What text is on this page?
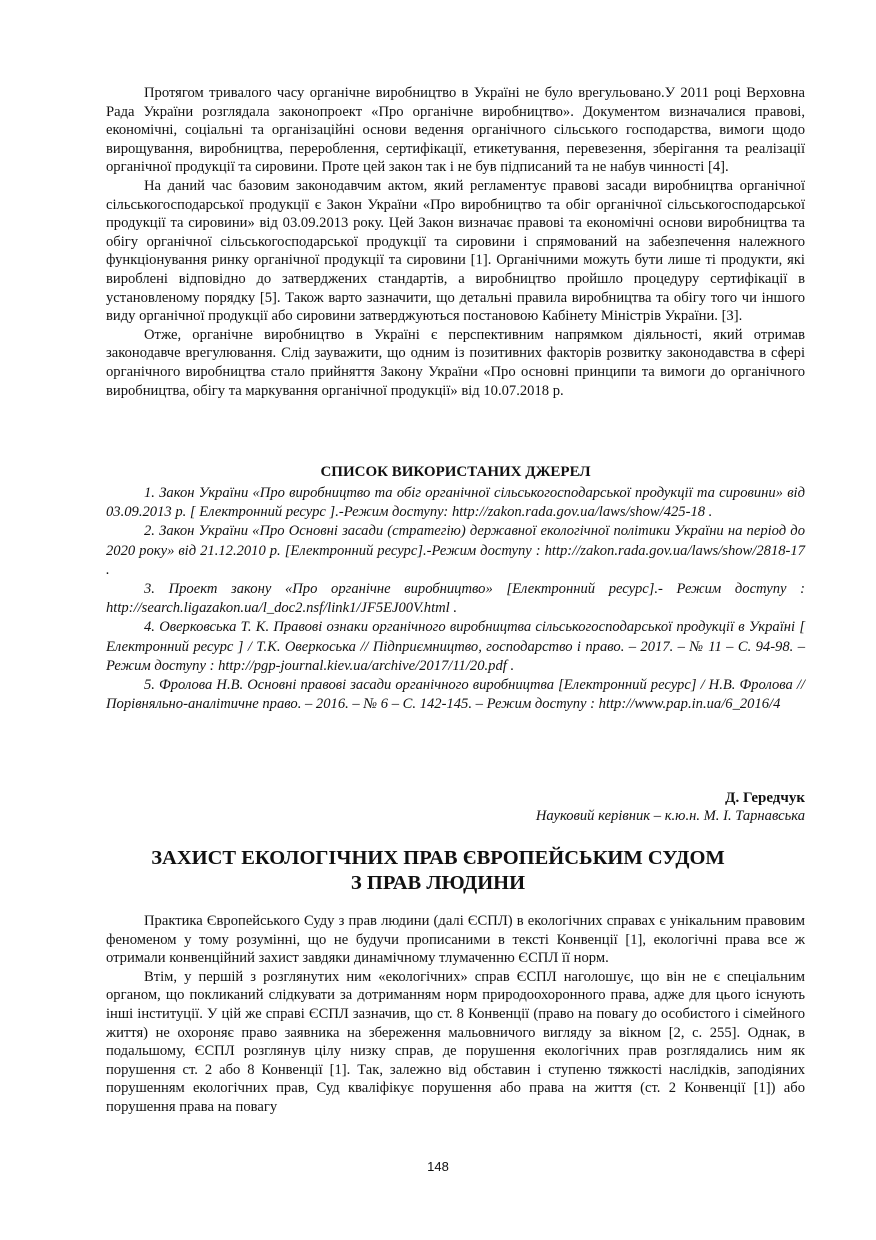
Протягом тривалого часу органічне виробництво в Україні не було врегульовано.У 2011 році Верховна Рада України розглядала законопроект «Про органічне виробництво». Документом визначалися правові, економічні, соціальні та організаційні основи ведення органічного сільського господарства, вимоги щодо вирощування, виробництва, перероблення, сертифікації, етикетування, перевезення, зберігання та реалізації органічної продукції та сировини. Проте цей закон так і не був підписаний та не набув чинності [4].

На даний час базовим законодавчим актом, який регламентує правові засади виробництва органічної сільськогосподарської продукції є Закон України «Про виробництво та обіг органічної сільськогосподарської продукції та сировини» від 03.09.2013 року. Цей Закон визначає правові та економічні основи виробництва та обігу органічної сільськогосподарської продукції та сировини і спрямований на забезпечення належного функціонування ринку органічної продукції та сировини [1]. Органічними можуть бути лише ті продукти, які вироблені відповідно до затверджених стандартів, а виробництво пройшло процедуру сертифікації в установленому порядку [5]. Також варто зазначити, що детальні правила виробництва та обігу того чи іншого виду органічної продукції або сировини затверджуються постановою Кабінету Міністрів України. [3].

Отже, органічне виробництво в Україні є перспективним напрямком діяльності, який отримав законодавче врегулювання. Слід зауважити, що одним із позитивних факторів розвитку законодавства в сфері органічного виробництва стало прийняття Закону України «Про основні принципи та вимоги до органічного виробництва, обігу та маркування органічної продукції» від 10.07.2018 р.

СПИСОК ВИКОРИСТАНИХ ДЖЕРЕЛ

1. Закон України «Про виробництво та обіг органічної сільськогосподарської продукції та сировини» від 03.09.2013 р. [ Електронний ресурс ].-Режим доступу: http://zakon.rada.gov.ua/laws/show/425-18 .

2. Закон України «Про Основні засади (стратегію) державної екологічної політики України на період до 2020 року» від 21.12.2010 р. [Електронний ресурс].-Режим доступу : http://zakon.rada.gov.ua/laws/show/2818-17 .

3. Проект закону «Про органічне виробництво» [Електронний ресурс].- Режим доступу : http://search.ligazakon.ua/l_doc2.nsf/link1/JF5EJ00V.html .

4. Оверковська Т. К. Правові ознаки органічного виробництва сільськогосподарської продукції в Україні [ Електронний ресурс ] / Т.К. Оверкоська // Підприємництво, господарство і право. – 2017. – № 11 – С. 94-98. – Режим доступу : http://pgp-journal.kiev.ua/archive/2017/11/20.pdf .

5. Фролова Н.В. Основні правові засади органічного виробництва [Електронний ресурс] / Н.В. Фролова // Порівняльно-аналітичне право. – 2016. – № 6 – С. 142-145. – Режим доступу : http://www.pap.in.ua/6_2016/4

Д. Гередчук
Науковий керівник – к.ю.н. М. І. Тарнавська
ЗАХИСТ ЕКОЛОГІЧНИХ ПРАВ ЄВРОПЕЙСЬКИМ СУДОМ
З ПРАВ ЛЮДИНИ

Практика Європейського Суду з прав людини (далі ЄСПЛ) в екологічних справах є унікальним правовим феноменом у тому розумінні, що не будучи прописаними в тексті Конвенції [1], екологічні права все ж отримали конвенційний захист завдяки динамічному тлумаченню ЄСПЛ її норм.

Втім, у першій з розглянутих ним «екологічних» справ ЄСПЛ наголошує, що він не є спеціальним органом, що покликаний слідкувати за дотриманням норм природоохоронного права, адже для цього існують інші інституції. У цій же справі ЄСПЛ зазначив, що ст. 8 Конвенції (право на повагу до особистого і сімейного життя) не охороняє право заявника на збереження мальовничого вигляду за вікном [2, с. 255]. Однак, в подальшому, ЄСПЛ розглянув цілу низку справ, де порушення екологічних прав розглядались ним як порушення ст. 2 або 8 Конвенції [1]. Так, залежно від обставин і ступеню тяжкості наслідків, заподіяних порушенням екологічних прав, Суд кваліфікує порушення або права на життя (ст. 2 Конвенції [1]) або порушення права на повагу

148
